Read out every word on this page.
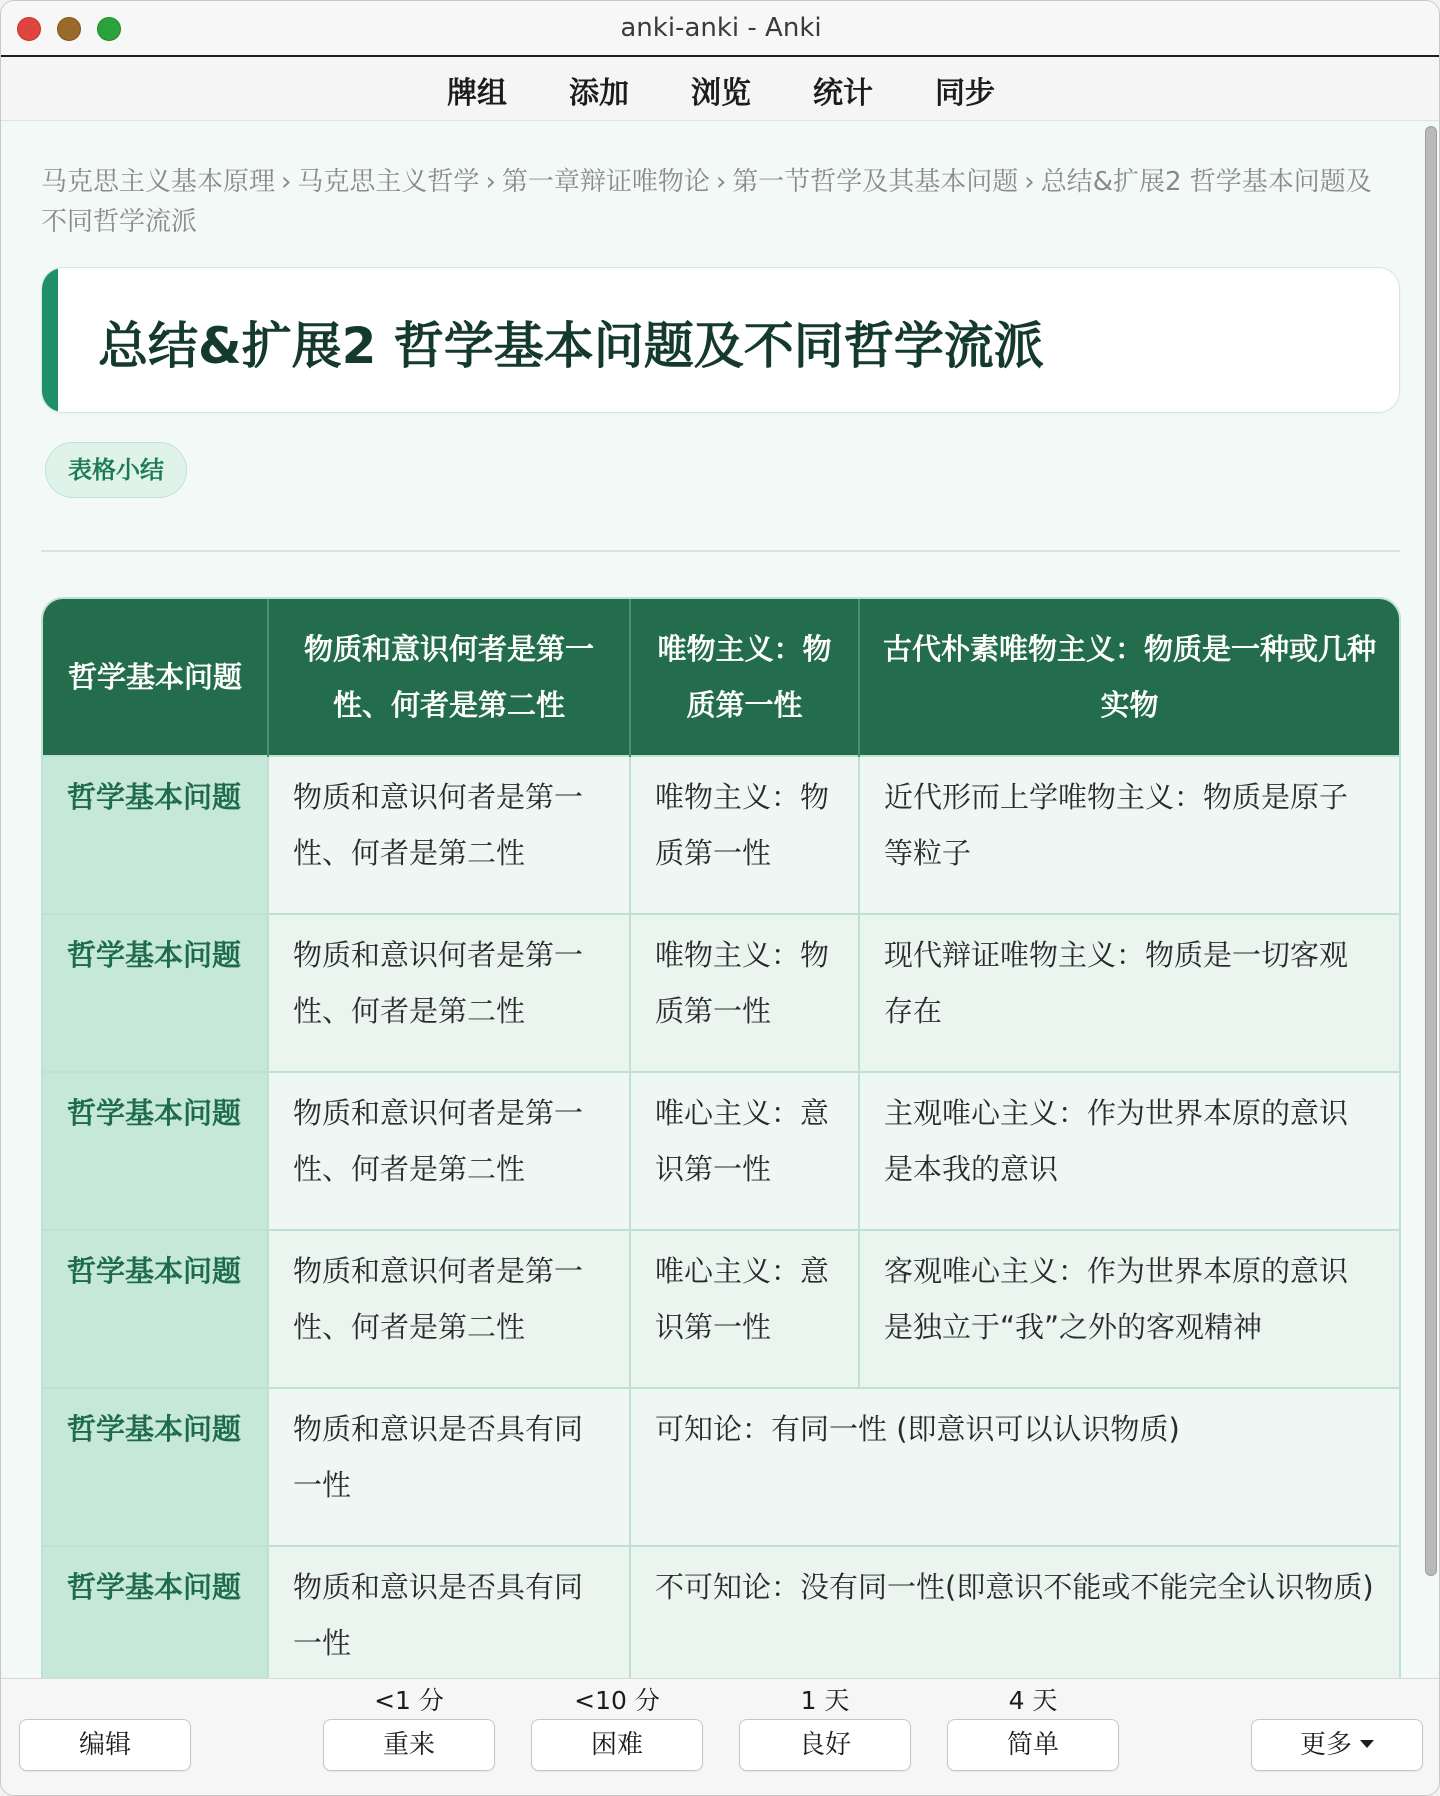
anki-anki - Anki
牌组	添加	浏览	统计	同步
马克思主义基本原理 › 马克思主义哲学 › 第一章辩证唯物论 › 第一节哲学及其基本问题 › 总结&扩展2 哲学基本问题及不同哲学流派
总结&扩展2 哲学基本问题及不同哲学流派
表格小结
哲学基本问题	物质和意识何者是第一性、何者是第二性	唯物主义：物质第一性	古代朴素唯物主义：物质是一种或几种实物
哲学基本问题	物质和意识何者是第一性、何者是第二性	唯物主义：物质第一性	近代形而上学唯物主义：物质是原子等粒子
哲学基本问题	物质和意识何者是第一性、何者是第二性	唯物主义：物质第一性	现代辩证唯物主义：物质是一切客观存在
哲学基本问题	物质和意识何者是第一性、何者是第二性	唯心主义：意识第一性	主观唯心主义：作为世界本原的意识是本我的意识
哲学基本问题	物质和意识何者是第一性、何者是第二性	唯心主义：意识第一性	客观唯心主义：作为世界本原的意识是独立于“我”之外的客观精神
哲学基本问题	物质和意识是否具有同一性	可知论：有同一性 (即意识可以认识物质)	
哲学基本问题	物质和意识是否具有同一性	不可知论：没有同一性(即意识不能或不能完全认识物质)	
编辑
<1 分
重来
<10 分
困难
1 天
良好
4 天
简单	更多
